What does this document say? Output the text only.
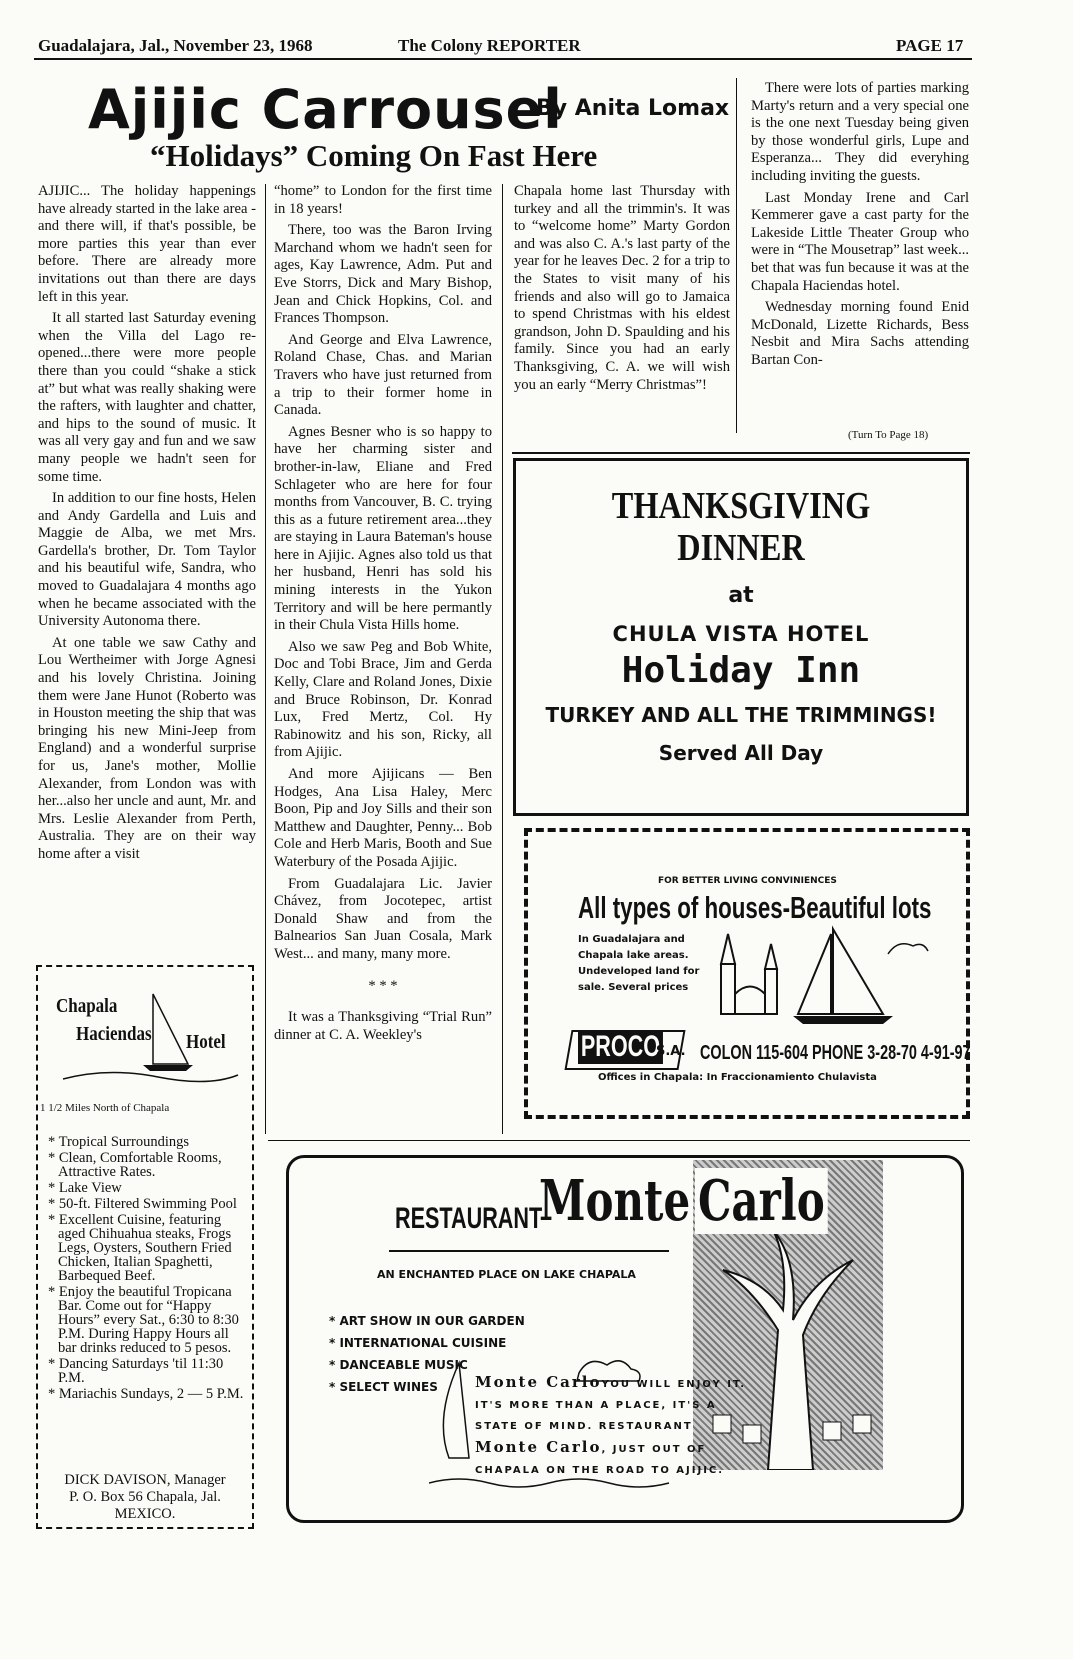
Guadalajara, Jal., November 23, 1968	The Colony REPORTER	PAGE 17
Ajijic Carrousel
By Anita Lomax
“Holidays” Coming On Fast Here

AJIJIC... The holiday happenings have already started in the lake area - and there will, if that's possible, be more parties this year than ever before. There are already more invitations out than there are days left in this year.

It all started last Saturday evening when the Villa del Lago re-opened...there were more people there than you could “shake a stick at” but what was really shaking were the rafters, with laughter and chatter, and hips to the sound of music. It was all very gay and fun and we saw many people we hadn't seen for some time.

In addition to our fine hosts, Helen and Andy Gardella and Luis and Maggie de Alba, we met Mrs. Gardella's brother, Dr. Tom Taylor and his beautiful wife, Sandra, who moved to Guadalajara 4 months ago when he became associated with the University Autonoma there.

At one table we saw Cathy and Lou Wertheimer with Jorge Agnesi and his lovely Christina. Joining them were Jane Hunot (Roberto was in Houston meeting the ship that was bringing his new Mini-Jeep from England) and a wonderful surprise for us, Jane's mother, Mollie Alexander, from London was with her...also her uncle and aunt, Mr. and Mrs. Leslie Alexander from Perth, Australia. They are on their way home after a visit

“home” to London for the first time in 18 years!

There, too was the Baron Irving Marchand whom we hadn't seen for ages, Kay Lawrence, Adm. Put and Eve Storrs, Dick and Mary Bishop, Jean and Chick Hopkins, Col. and Frances Thompson.

And George and Elva Lawrence, Roland Chase, Chas. and Marian Travers who have just returned from a trip to their former home in Canada.

Agnes Besner who is so happy to have her charming sister and brother-in-law, Eliane and Fred Schlageter who are here for four months from Vancouver, B. C. trying this as a future retirement area...they are staying in Laura Bateman's house here in Ajijic. Agnes also told us that her husband, Henri has sold his mining interests in the Yukon Territory and will be here permantly in their Chula Vista Hills home.

Also we saw Peg and Bob White, Doc and Tobi Brace, Jim and Gerda Kelly, Clare and Roland Jones, Dixie and Bruce Robinson, Dr. Konrad Lux, Fred Mertz, Col. Hy Rabinowitz and his son, Ricky, all from Ajijic.

And more Ajijicans — Ben Hodges, Ana Lisa Haley, Merc Boon, Pip and Joy Sills and their son Matthew and Daughter, Penny... Bob Cole and Herb Maris, Booth and Sue Waterbury of the Posada Ajijic.

From Guadalajara Lic. Javier Chávez, from Jocotepec, artist Donald Shaw and from the Balnearios San Juan Cosala, Mark West... and many, many more.

* * *

It was a Thanksgiving “Trial Run” dinner at C. A. Weekley's

Chapala home last Thursday with turkey and all the trimmin's. It was to “welcome home” Marty Gordon and was also C. A.'s last party of the year for he leaves Dec. 2 for a trip to the States to visit many of his friends and also will go to Jamaica to spend Christmas with his eldest grandson, John D. Spaulding and his family. Since you had an early Thanksgiving, C. A. we will wish you an early “Merry Christmas”!

There were lots of parties marking Marty's return and a very special one is the one next Tuesday being given by those wonderful girls, Lupe and Esperanza... They did everyhing including inviting the guests.

Last Monday Irene and Carl Kemmerer gave a cast party for the Lakeside Little Theater Group who were in “The Mousetrap” last week... bet that was fun because it was at the Chapala Haciendas hotel.

Wednesday morning found Enid McDonald, Lizette Richards, Bess Nesbit and Mira Sachs attending Bartan Con-

(Turn To Page 18)
THANKSGIVING
DINNER
at
CHULA VISTA HOTEL
Holiday Inn
TURKEY AND ALL THE TRIMMINGS!
Served All Day
FOR BETTER LIVING CONVINIENCES
All types of houses-Beautiful lots
In Guadalajara and Chapala lake areas. Undeveloped land for sale. Several prices
PROCO
S.A. COLON 115-604 PHONE 3-28-70 4-91-97
Offices in Chapala: In Fraccionamiento Chulavista
Chapala
Haciendas Hotel
1 1/2 Miles North of Chapala
* Tropical Surroundings
* Clean, Comfortable Rooms, Attractive Rates.
* Lake View
* 50-ft. Filtered Swimming Pool
* Excellent Cuisine, featuring aged Chihuahua steaks, Frogs Legs, Oysters, Southern Fried Chicken, Italian Spaghetti, Barbequed Beef.
* Enjoy the beautiful Tropicana Bar. Come out for “Happy Hours” every Sat., 6:30 to 8:30 P.M. During Happy Hours all bar drinks reduced to 5 pesos.
* Dancing Saturdays 'til 11:30 P.M.
* Mariachis Sundays, 2 — 5 P.M.
DICK DAVISON, Manager
P. O. Box 56 Chapala, Jal.
MEXICO.
RESTAURANT
Monte Carlo
AN ENCHANTED PLACE ON LAKE CHAPALA
* ART SHOW IN OUR GARDEN
* INTERNATIONAL CUISINE
* DANCEABLE MUSIC
* SELECT WINES	Monte CarloYOU WILL ENJOY IT.
IT'S MORE THAN A PLACE, IT'S A
STATE OF MIND. RESTAURANT
Monte Carlo, JUST OUT OF
CHAPALA ON THE ROAD TO AJIJIC.
